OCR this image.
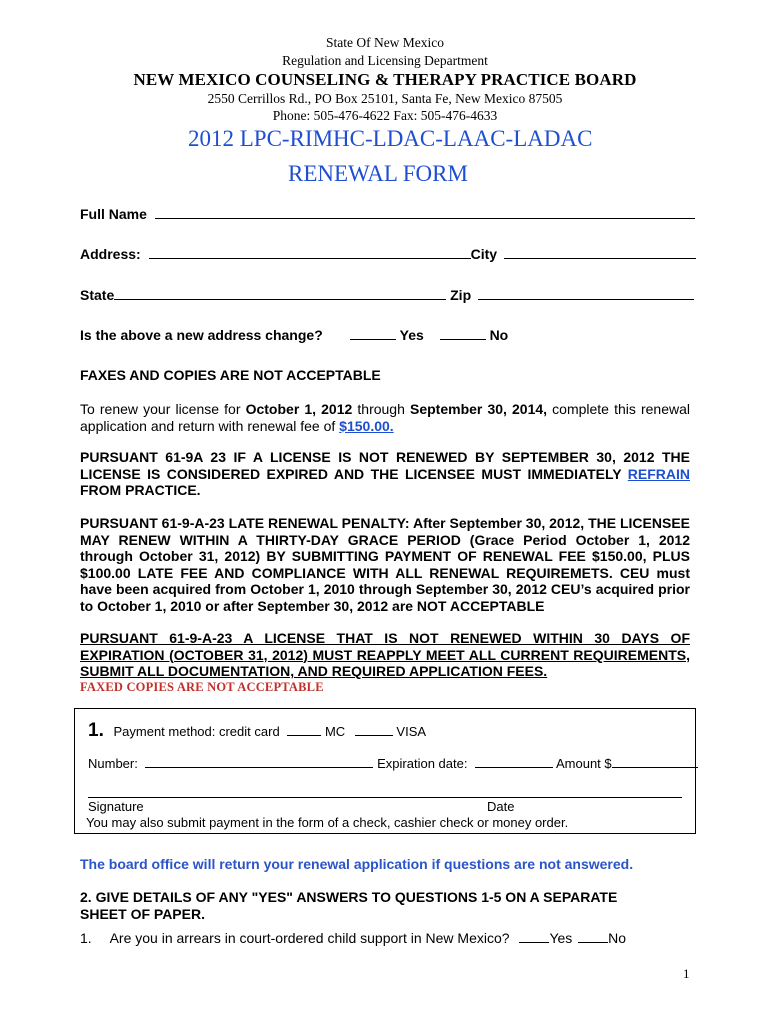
State Of New Mexico
Regulation and Licensing Department
NEW MEXICO COUNSELING & THERAPY PRACTICE BOARD
2550 Cerrillos Rd., PO Box 25101, Santa Fe, New Mexico 87505
Phone: 505-476-4622 Fax: 505-476-4633
2012 LPC-RIMHC-LDAC-LAAC-LADAC
RENEWAL FORM
Full Name
Address:	City
State	Zip
Is the above a new address change?	Yes	No
FAXES AND COPIES ARE NOT ACCEPTABLE
To renew your license for October 1, 2012 through September 30, 2014, complete this renewal application and return with renewal fee of $150.00.
PURSUANT 61-9A 23 IF A LICENSE IS NOT RENEWED BY SEPTEMBER 30, 2012 THE LICENSE IS CONSIDERED EXPIRED AND THE LICENSEE MUST IMMEDIATELY REFRAIN FROM PRACTICE.
PURSUANT 61-9-A-23 LATE RENEWAL PENALTY: After September 30, 2012, THE LICENSEE MAY RENEW WITHIN A THIRTY-DAY GRACE PERIOD (Grace Period October 1, 2012 through October 31, 2012) BY SUBMITTING PAYMENT OF RENEWAL FEE $150.00, PLUS $100.00 LATE FEE AND COMPLIANCE WITH ALL RENEWAL REQUIREMETS. CEU must have been acquired from October 1, 2010 through September 30, 2012 CEU’s acquired prior to October 1, 2010 or after September 30, 2012 are NOT ACCEPTABLE
PURSUANT 61-9-A-23 A LICENSE THAT IS NOT RENEWED WITHIN 30 DAYS OF EXPIRATION (OCTOBER 31, 2012) MUST REAPPLY MEET ALL CURRENT REQUIREMENTS, SUBMIT ALL DOCUMENTATION, AND REQUIRED APPLICATION FEES.
FAXED COPIES ARE NOT ACCEPTABLE
1. Payment method: credit card	MC	VISA
Number:	Expiration date:	Amount $
Signature	Date
You may also submit payment in the form of a check, cashier check or money order.
The board office will return your renewal application if questions are not answered.
2. GIVE DETAILS OF ANY "YES" ANSWERS TO QUESTIONS 1-5 ON A SEPARATE SHEET OF PAPER.
1. Are you in arrears in court-ordered child support in New Mexico?	Yes	No
1
